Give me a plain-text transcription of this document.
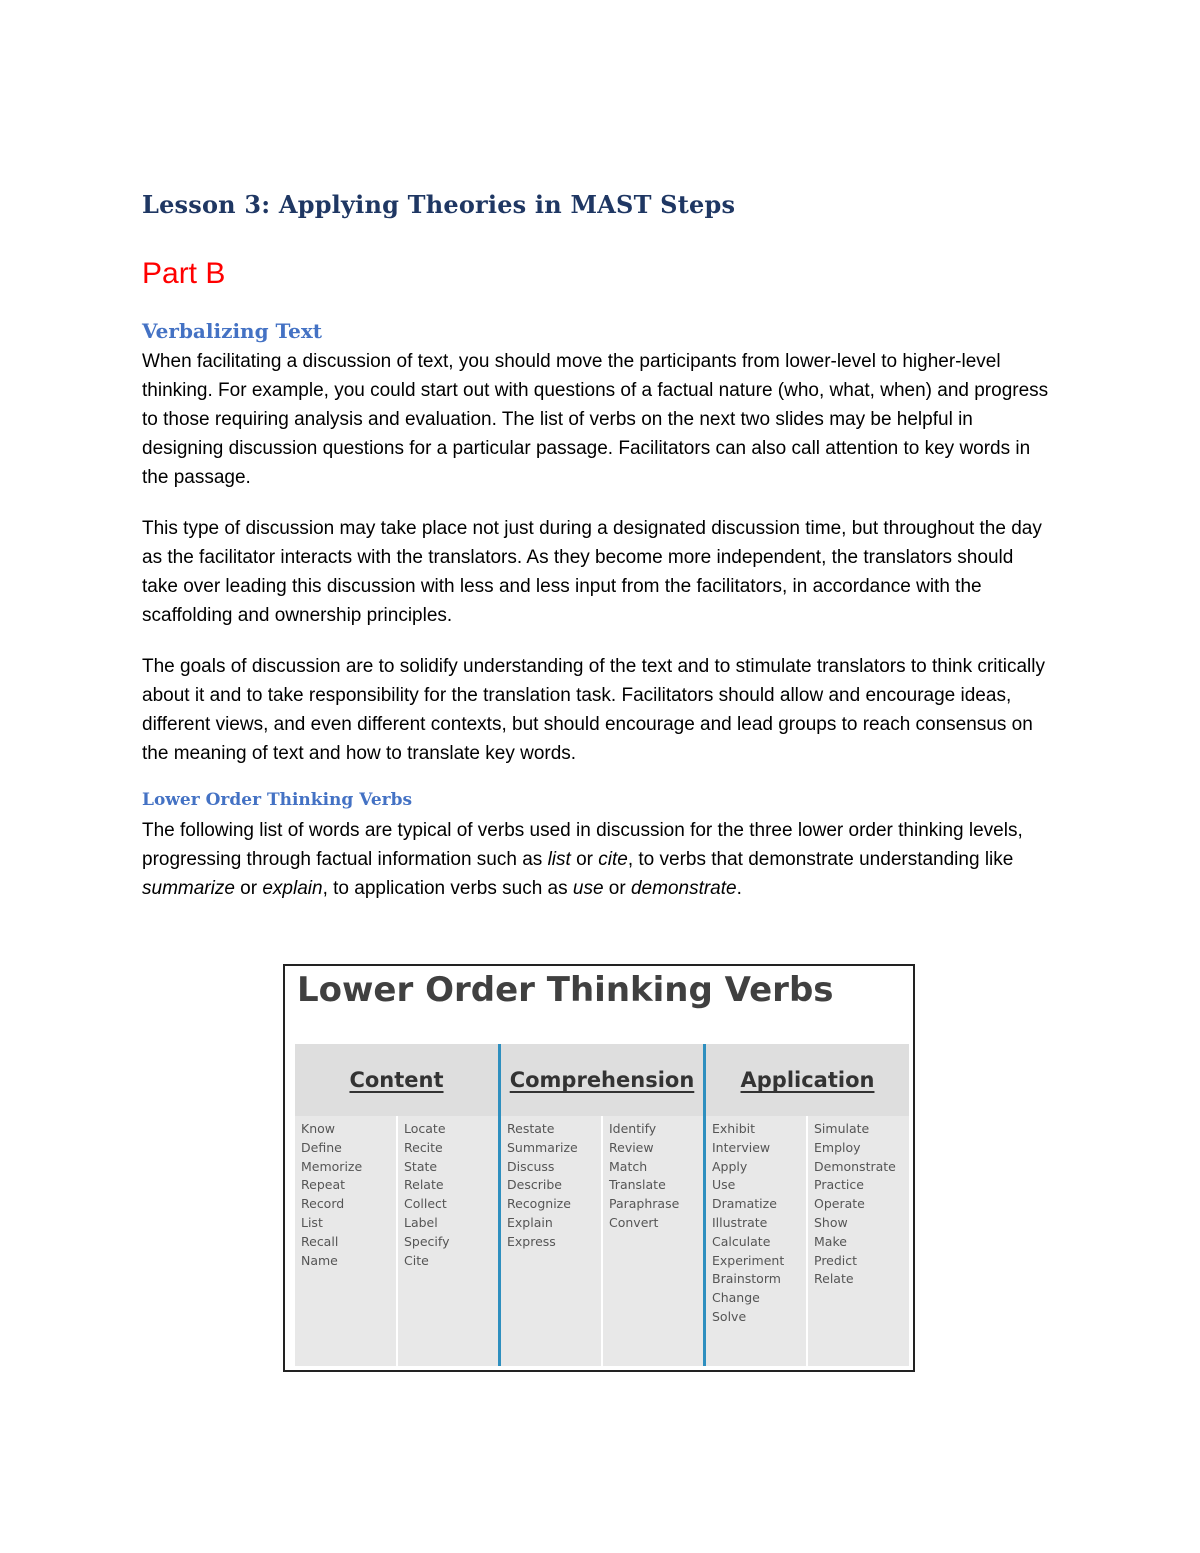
Lesson 3: Applying Theories in MAST Steps
Part B
Verbalizing Text

When facilitating a discussion of text, you should move the participants from lower-level to higher-level thinking. For example, you could start out with questions of a factual nature (who, what, when) and progress to those requiring analysis and evaluation. The list of verbs on the next two slides may be helpful in designing discussion questions for a particular passage. Facilitators can also call attention to key words in the passage.

This type of discussion may take place not just during a designated discussion time, but throughout the day as the facilitator interacts with the translators. As they become more independent, the translators should take over leading this discussion with less and less input from the facilitators, in accordance with the scaffolding and ownership principles.

The goals of discussion are to solidify understanding of the text and to stimulate translators to think critically about it and to take responsibility for the translation task. Facilitators should allow and encourage ideas, different views, and even different contexts, but should encourage and lead groups to reach consensus on the meaning of text and how to translate key words.

Lower Order Thinking Verbs

The following list of words are typical of verbs used in discussion for the three lower order thinking levels, progressing through factual information such as list or cite, to verbs that demonstrate understanding like summarize or explain, to application verbs such as use or demonstrate.

Lower Order Thinking Verbs
Content
Know
Define
Memorize
Repeat
Record
List
Recall
Name
Locate
Recite
State
Relate
Collect
Label
Specify
Cite
Comprehension
Restate
Summarize
Discuss
Describe
Recognize
Explain
Express
Identify
Review
Match
Translate
Paraphrase
Convert
Application
Exhibit
Interview
Apply
Use
Dramatize
Illustrate
Calculate
Experiment
Brainstorm
Change
Solve
Simulate
Employ
Demonstrate
Practice
Operate
Show
Make
Predict
Relate
